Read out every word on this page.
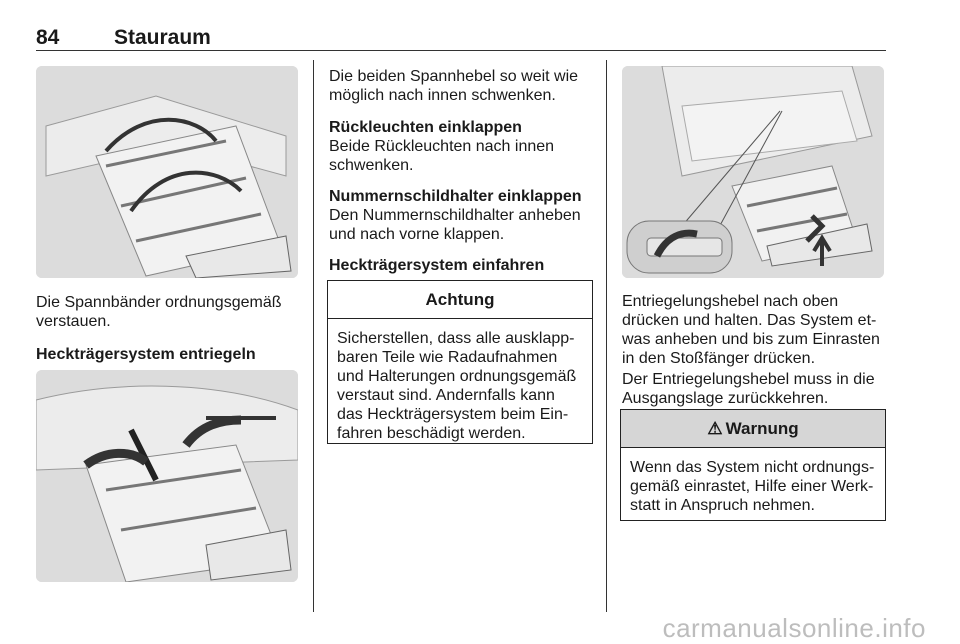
84	Stauraum

Die Spannbänder ordnungsgemäß verstauen.

Heckträgersystem entriegeln

Die beiden Spannhebel so weit wie möglich nach innen schwenken.

Rückleuchten einklappen

Beide Rückleuchten nach innen schwenken.

Nummernschildhalter einklappen

Den Nummernschildhalter anheben und nach vorne klappen.

Heckträgersystem einfahren
Achtung
Sicherstellen, dass alle ausklappbaren Teile wie Radaufnahmen und Halterungen ordnungsgemäß verstaut sind. Andernfalls kann das Heckträgersystem beim Einfahren beschädigt werden.

Entriegelungshebel nach oben drücken und halten. Das System etwas anheben und bis zum Einrasten in den Stoßfänger drücken.

Der Entriegelungshebel muss in die Ausgangslage zurückkehren.

⚠ Warnung
Wenn das System nicht ordnungsgemäß einrastet, Hilfe einer Werkstatt in Anspruch nehmen.
carmanualsonline.info
